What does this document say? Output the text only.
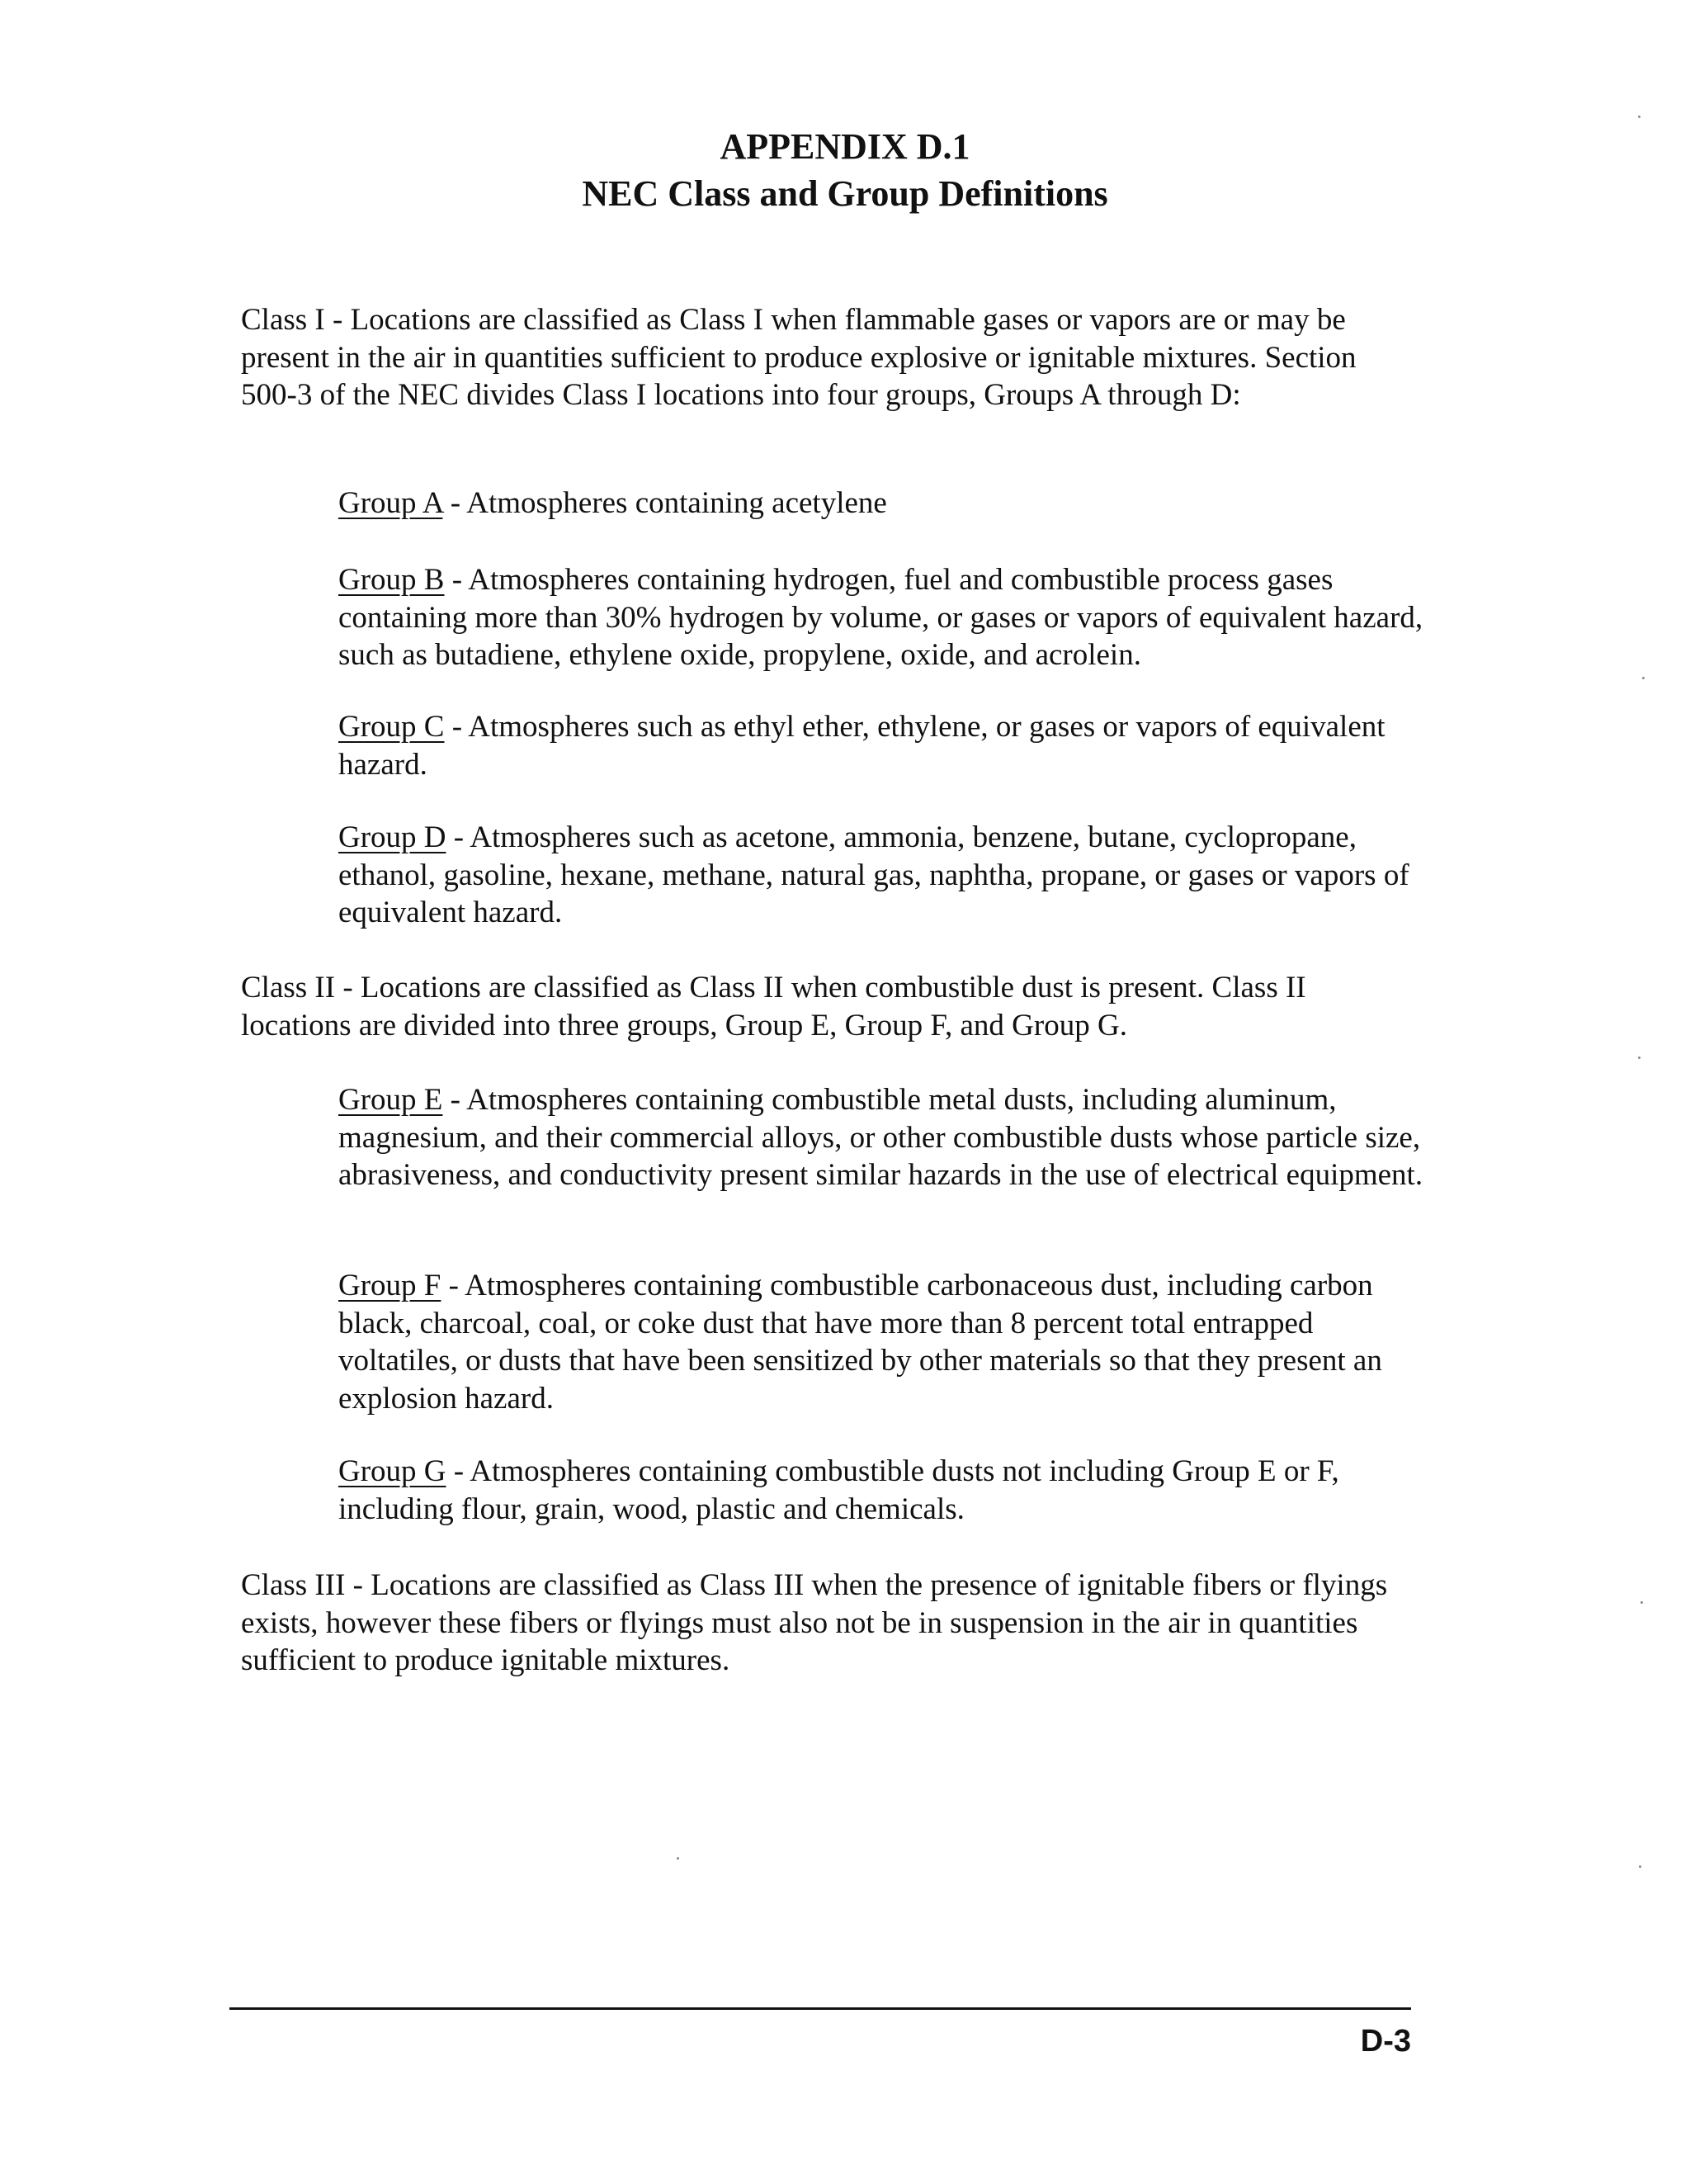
APPENDIX D.1
NEC Class and Group Definitions

Class I - Locations are classified as Class I when flammable gases or vapors are or may be present in the air in quantities sufficient to produce explosive or ignitable mixtures. Section 500-3 of the NEC divides Class I locations into four groups, Groups A through D:

Group A - Atmospheres containing acetylene

Group B - Atmospheres containing hydrogen, fuel and combustible process gases containing more than 30% hydrogen by volume, or gases or vapors of equivalent hazard, such as butadiene, ethylene oxide, propylene, oxide, and acrolein.

Group C - Atmospheres such as ethyl ether, ethylene, or gases or vapors of equivalent hazard.

Group D - Atmospheres such as acetone, ammonia, benzene, butane, cyclopropane, ethanol, gasoline, hexane, methane, natural gas, naphtha, propane, or gases or vapors of equivalent hazard.

Class II - Locations are classified as Class II when combustible dust is present. Class II locations are divided into three groups, Group E, Group F, and Group G.

Group E - Atmospheres containing combustible metal dusts, including aluminum, magnesium, and their commercial alloys, or other combustible dusts whose particle size, abrasiveness, and conductivity present similar hazards in the use of electrical equipment.

Group F - Atmospheres containing combustible carbonaceous dust, including carbon black, charcoal, coal, or coke dust that have more than 8 percent total entrapped voltatiles, or dusts that have been sensitized by other materials so that they present an explosion hazard.

Group G - Atmospheres containing combustible dusts not including Group E or F, including flour, grain, wood, plastic and chemicals.

Class III - Locations are classified as Class III when the presence of ignitable fibers or flyings exists, however these fibers or flyings must also not be in suspension in the air in quantities sufficient to produce ignitable mixtures.

D-3
